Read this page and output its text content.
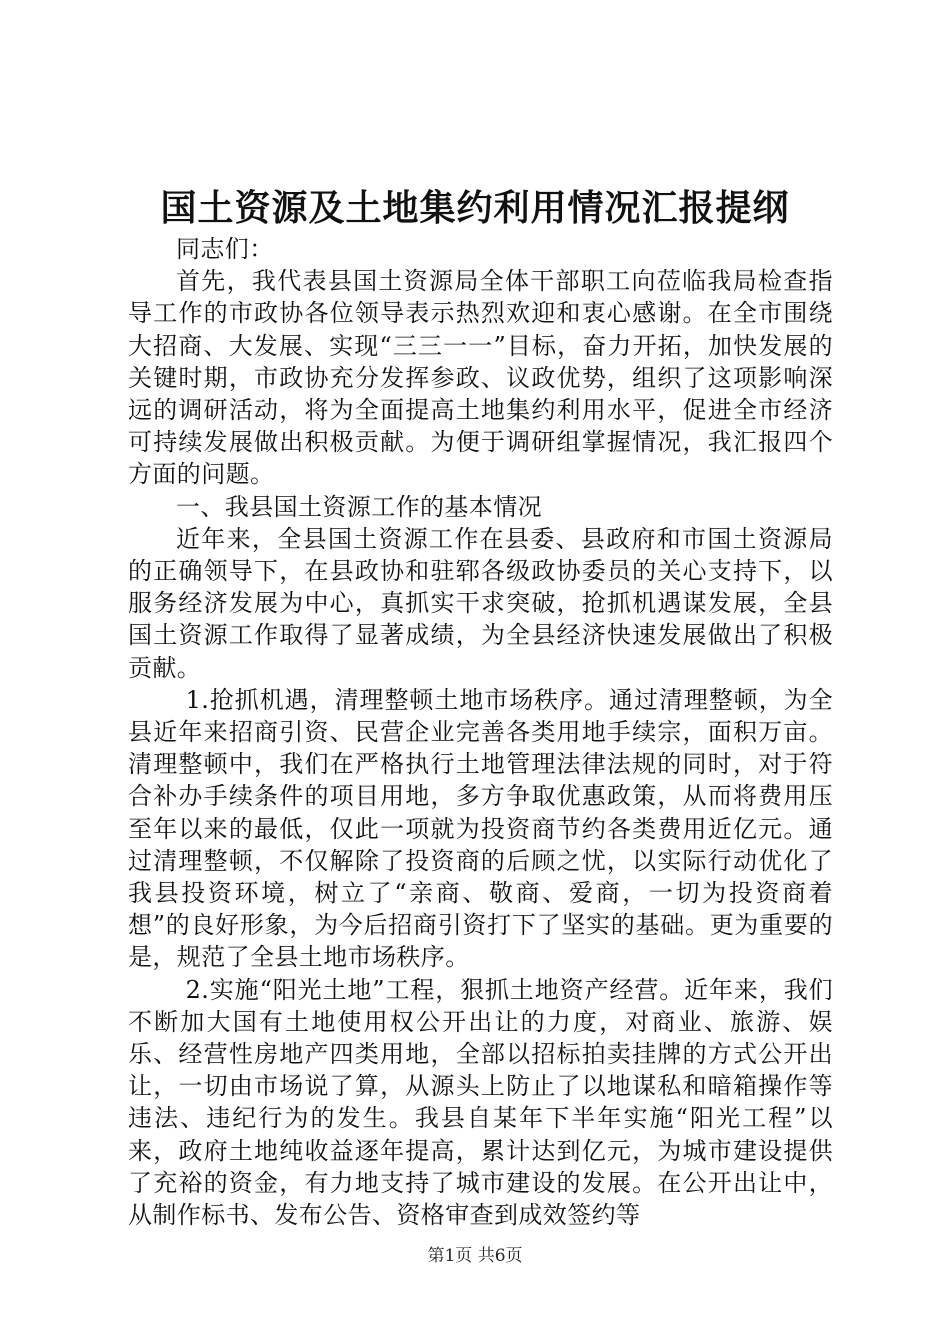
国土资源及土地集约利用情况汇报提纲

同志们：

首先，我代表县国土资源局全体干部职工向莅临我局检查指导工作的市政协各位领导表示热烈欢迎和衷心感谢。在全市围绕大招商、大发展、实现“三三一一”目标，奋力开拓，加快发展的关键时期，市政协充分发挥参政、议政优势，组织了这项影响深远的调研活动，将为全面提高土地集约利用水平，促进全市经济可持续发展做出积极贡献。为便于调研组掌握情况，我汇报四个方面的问题。

一、我县国土资源工作的基本情况

近年来，全县国土资源工作在县委、县政府和市国土资源局的正确领导下，在县政协和驻郓各级政协委员的关心支持下，以服务经济发展为中心，真抓实干求突破，抢抓机遇谋发展，全县国土资源工作取得了显著成绩，为全县经济快速发展做出了积极贡献。

1.抢抓机遇，清理整顿土地市场秩序。通过清理整顿，为全县近年来招商引资、民营企业完善各类用地手续宗，面积万亩。清理整顿中，我们在严格执行土地管理法律法规的同时，对于符合补办手续条件的项目用地，多方争取优惠政策，从而将费用压至年以来的最低，仅此一项就为投资商节约各类费用近亿元。通过清理整顿，不仅解除了投资商的后顾之忧，以实际行动优化了我县投资环境，树立了“亲商、敬商、爱商，一切为投资商着想”的良好形象，为今后招商引资打下了坚实的基础。更为重要的是，规范了全县土地市场秩序。

2.实施“阳光土地”工程，狠抓土地资产经营。近年来，我们不断加大国有土地使用权公开出让的力度，对商业、旅游、娱乐、经营性房地产四类用地，全部以招标拍卖挂牌的方式公开出让，一切由市场说了算，从源头上防止了以地谋私和暗箱操作等违法、违纪行为的发生。我县自某年下半年实施“阳光工程”以来，政府土地纯收益逐年提高，累计达到亿元，为城市建设提供了充裕的资金，有力地支持了城市建设的发展。在公开出让中，从制作标书、发布公告、资格审查到成效签约等

第1页 共6页
